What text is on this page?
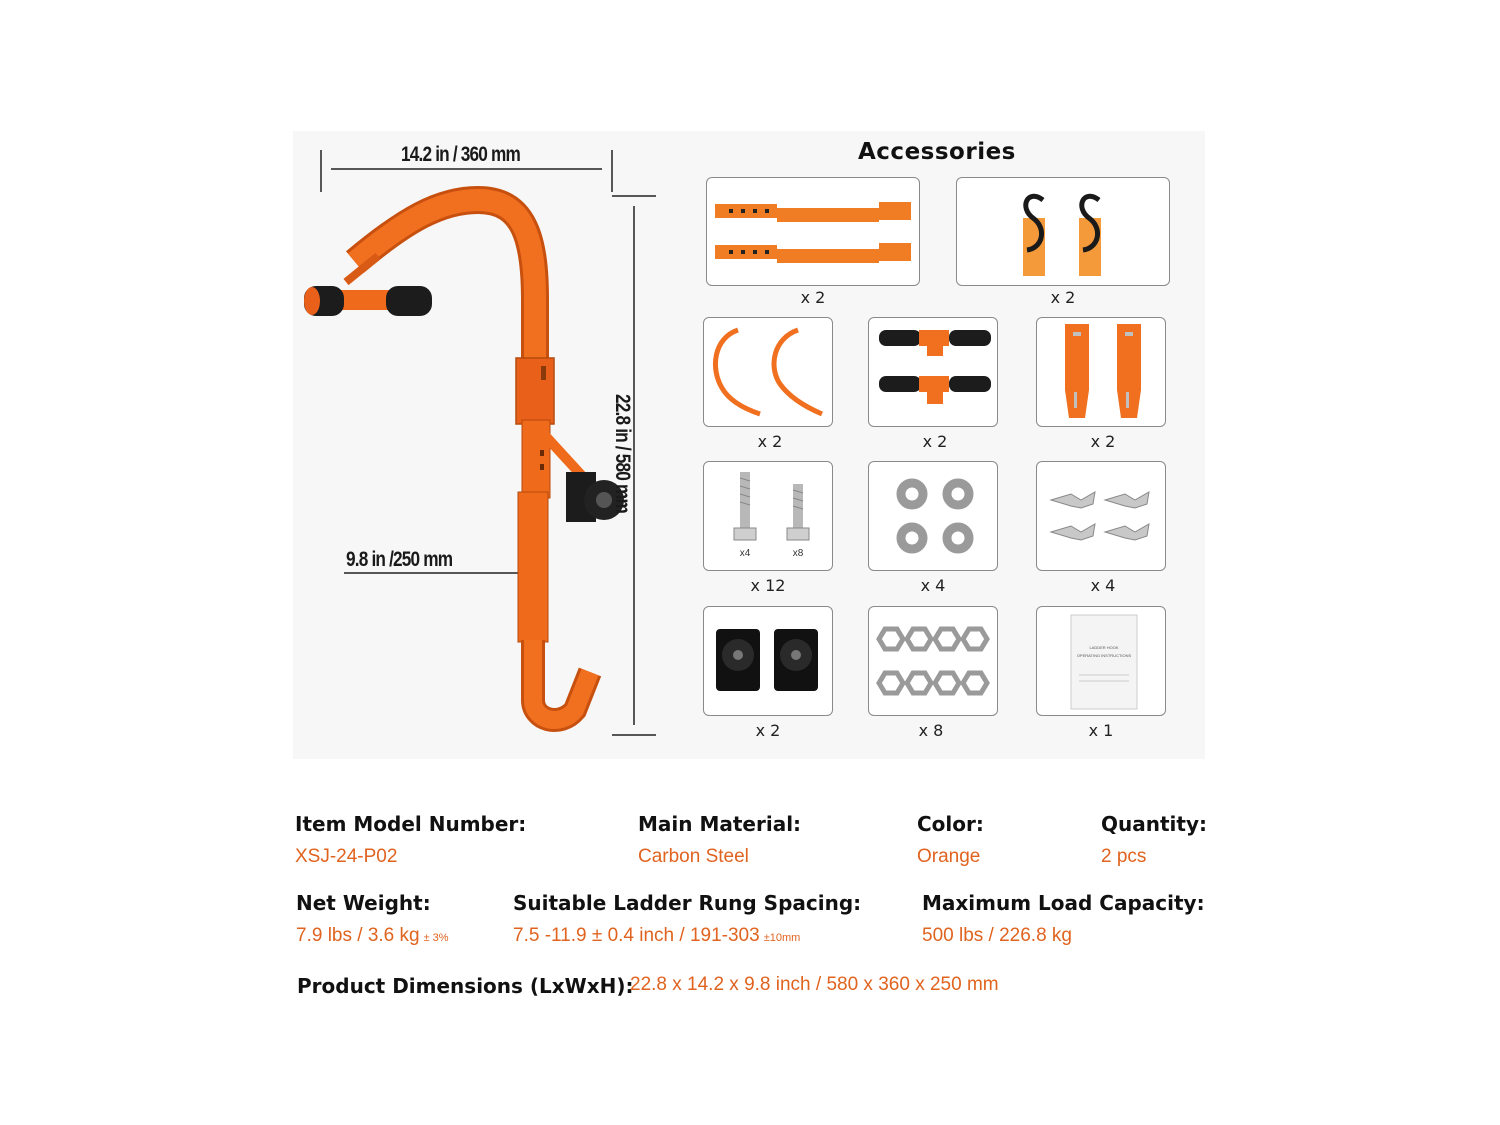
14.2 in / 360 mm
22.8 in / 580 mm
9.8 in /250 mm
Accessories
x 2	x 2
x 2	x 2	x 2
x4	x8
x 12	x 4	x 4
x 2	x 8
LADDER HOOK
OPERATING INSTRUCTIONS
x 1
Item Model Number:
XSJ-24-P02
Main Material:
Carbon Steel
Color:
Orange
Quantity:
2 pcs
Net Weight:
7.9 lbs / 3.6 kg ± 3%
Suitable Ladder Rung Spacing:
7.5 -11.9 ± 0.4 inch / 191-303 ±10mm
Maximum Load Capacity:
500 lbs / 226.8 kg
Product Dimensions (LxWxH):
22.8 x 14.2 x 9.8 inch / 580 x 360 x 250 mm
